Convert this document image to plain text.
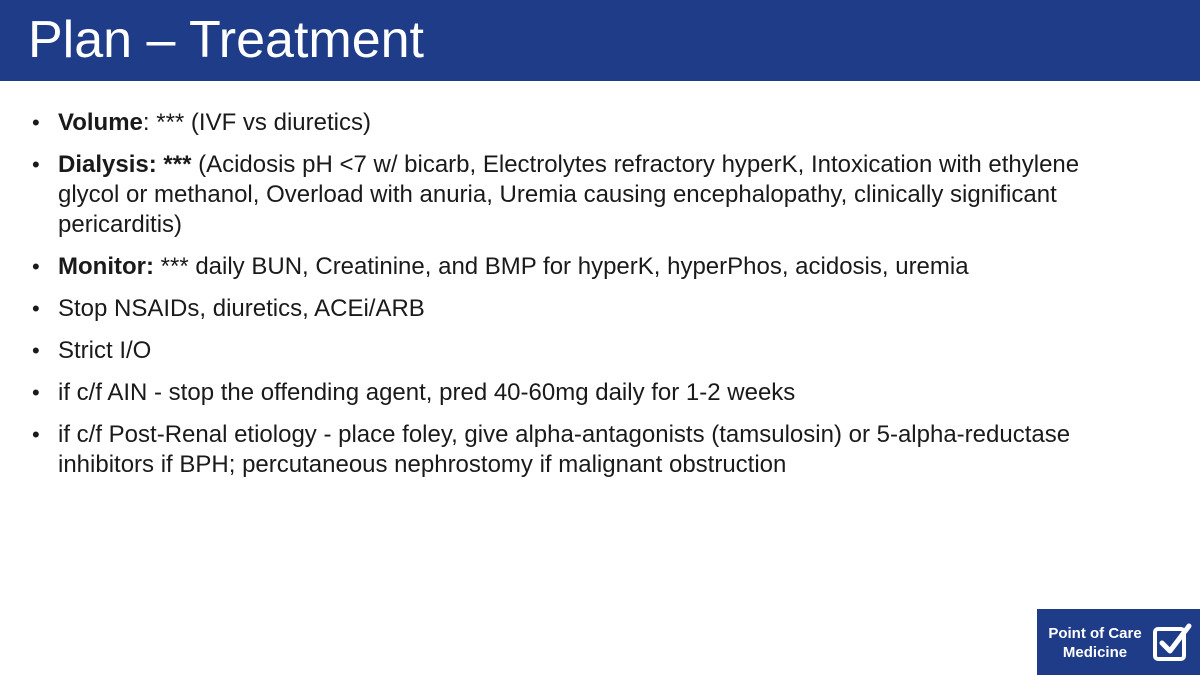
Plan – Treatment
• Volume: *** (IVF vs diuretics)
• Dialysis: *** (Acidosis pH <7 w/ bicarb, Electrolytes refractory hyperK, Intoxication with ethylene glycol or methanol, Overload with anuria, Uremia causing encephalopathy, clinically significant pericarditis)
• Monitor: *** daily BUN, Creatinine, and BMP for hyperK, hyperPhos, acidosis, uremia
• Stop NSAIDs, diuretics, ACEi/ARB
• Strict I/O
• if c/f AIN - stop the offending agent, pred 40-60mg daily for 1-2 weeks
• if c/f Post-Renal etiology - place foley, give alpha-antagonists (tamsulosin) or 5-alpha-reductase inhibitors if BPH; percutaneous nephrostomy if malignant obstruction
Point of Care
Medicine
